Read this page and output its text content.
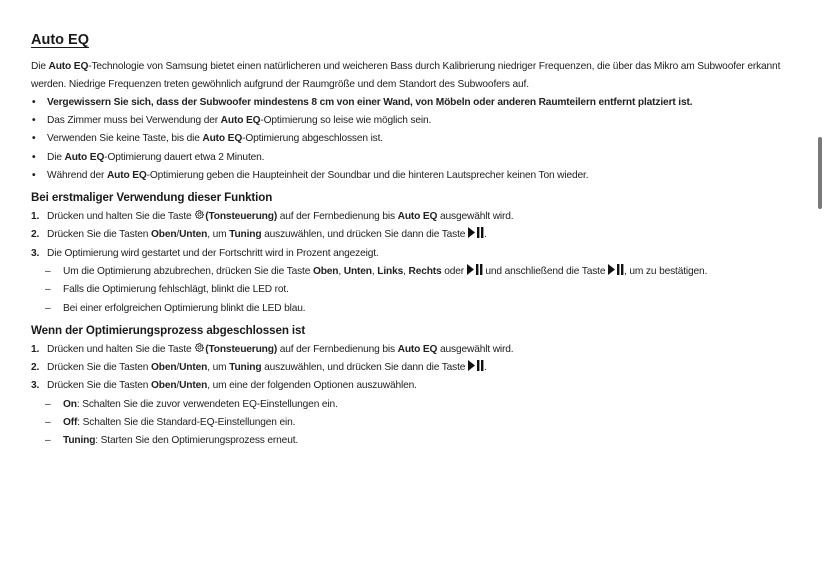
Auto EQ

Die Auto EQ-Technologie von Samsung bietet einen natürlicheren und weicheren Bass durch Kalibrierung niedriger Frequenzen, die über das Mikro am Subwoofer erkannt werden. Niedrige Frequenzen treten gewöhnlich aufgrund der Raumgröße und dem Standort des Subwoofers auf.

• Vergewissern Sie sich, dass der Subwoofer mindestens 8 cm von einer Wand, von Möbeln oder anderen Raumteilern entfernt platziert ist.
• Das Zimmer muss bei Verwendung der Auto EQ-Optimierung so leise wie möglich sein.
• Verwenden Sie keine Taste, bis die Auto EQ-Optimierung abgeschlossen ist.
• Die Auto EQ-Optimierung dauert etwa 2 Minuten.
• Während der Auto EQ-Optimierung geben die Haupteinheit der Soundbar und die hinteren Lautsprecher keinen Ton wieder.
Bei erstmaliger Verwendung dieser Funktion
1. Drücken und halten Sie die Taste (Tonsteuerung) auf der Fernbedienung bis Auto EQ ausgewählt wird.
2. Drücken Sie die Tasten Oben/Unten, um Tuning auszuwählen, und drücken Sie dann die Taste .
3. Die Optimierung wird gestartet und der Fortschritt wird in Prozent angezeigt.
– Um die Optimierung abzubrechen, drücken Sie die Taste Oben, Unten, Links, Rechts oder  und anschließend die Taste , um zu bestätigen.
– Falls die Optimierung fehlschlägt, blinkt die LED rot.
– Bei einer erfolgreichen Optimierung blinkt die LED blau.
Wenn der Optimierungsprozess abgeschlossen ist
1. Drücken und halten Sie die Taste (Tonsteuerung) auf der Fernbedienung bis Auto EQ ausgewählt wird.
2. Drücken Sie die Tasten Oben/Unten, um Tuning auszuwählen, und drücken Sie dann die Taste .
3. Drücken Sie die Tasten Oben/Unten, um eine der folgenden Optionen auszuwählen.
– On: Schalten Sie die zuvor verwendeten EQ-Einstellungen ein.
– Off: Schalten Sie die Standard-EQ-Einstellungen ein.
– Tuning: Starten Sie den Optimierungsprozess erneut.
